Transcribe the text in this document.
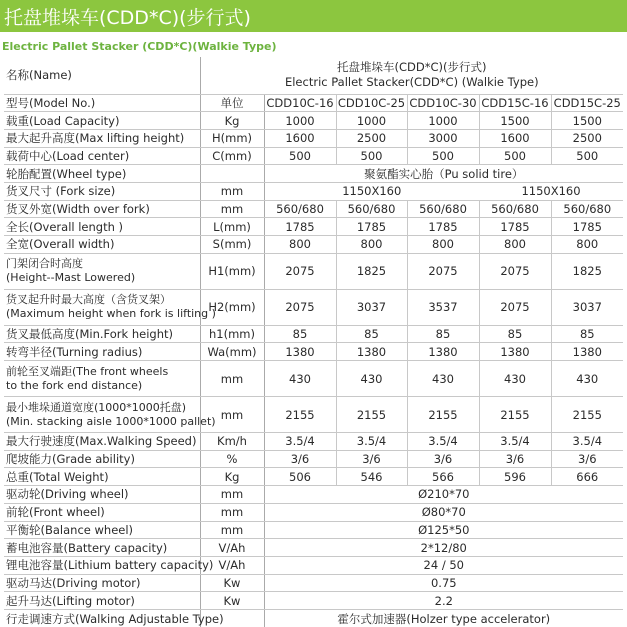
托盘堆垛车(CDD*C)(步行式)
Electric Pallet Stacker (CDD*C)(Walkie Type)
名称(Name)	托盘堆垛车(CDD*C)(步行式)
Electric Pallet Stacker(CDD*C) (Walkie Type)					

型号(Model No.)	单位	CDD10C-16	CDD10C-25	CDD10C-30	CDD15C-16	CDD15C-25
载重(Load Capacity)	Kg	1000	1000	1000	1500	1500
最大起升高度(Max lifting height)	H(mm)	1600	2500	3000	1600	2500
载荷中心(Load center)	C(mm)	500	500	500	500	500
轮胎配置(Wheel type)		聚氨酯实心胎（Pu solid tire）				
货叉尺寸 (Fork size)	mm	1150X160			1150X160	
货叉外宽(Width over fork)	mm	560/680	560/680	560/680	560/680	560/680
全长(Overall length )	L(mm)	1785	1785	1785	1785	1785
全宽(Overall width)	S(mm)	800	800	800	800	800

门架闭合时高度
(Height--Mast Lowered)	H1(mm)	2075	1825	2075	2075	1825

货叉起升时最大高度（含货叉架）
(Maximum height when fork is lifting )	H2(mm)	2075	3037	3537	2075	3037
货叉最低高度(Min.Fork height)	h1(mm)	85	85	85	85	85
转弯半径(Turning radius)	Wa(mm)	1380	1380	1380	1380	1380

前轮至叉端距(The front wheels
to the fork end distance)	mm	430	430	430	430	430

最小堆垛通道宽度(1000*1000托盘)
(Min. stacking aisle 1000*1000 pallet)	mm	2155	2155	2155	2155	2155
最大行驶速度(Max.Walking Speed)	Km/h	3.5/4	3.5/4	3.5/4	3.5/4	3.5/4
爬坡能力(Grade ability)	%	3/6	3/6	3/6	3/6	3/6
总重(Total Weight)	Kg	506	546	566	596	666
驱动轮(Driving wheel)	mm	Ø210*70				
前轮(Front wheel)	mm	Ø80*70				
平衡轮(Balance wheel)	mm	Ø125*50				
蓄电池容量(Battery capacity)	V/Ah	2*12/80				
锂电池容量(Lithium battery capacity)	V/Ah	24 / 50				
驱动马达(Driving motor)	Kw	0.75				
起升马达(Lifting motor)	Kw	2.2				
行走调速方式(Walking Adjustable Type)		霍尔式加速器(Holzer type accelerator)				
